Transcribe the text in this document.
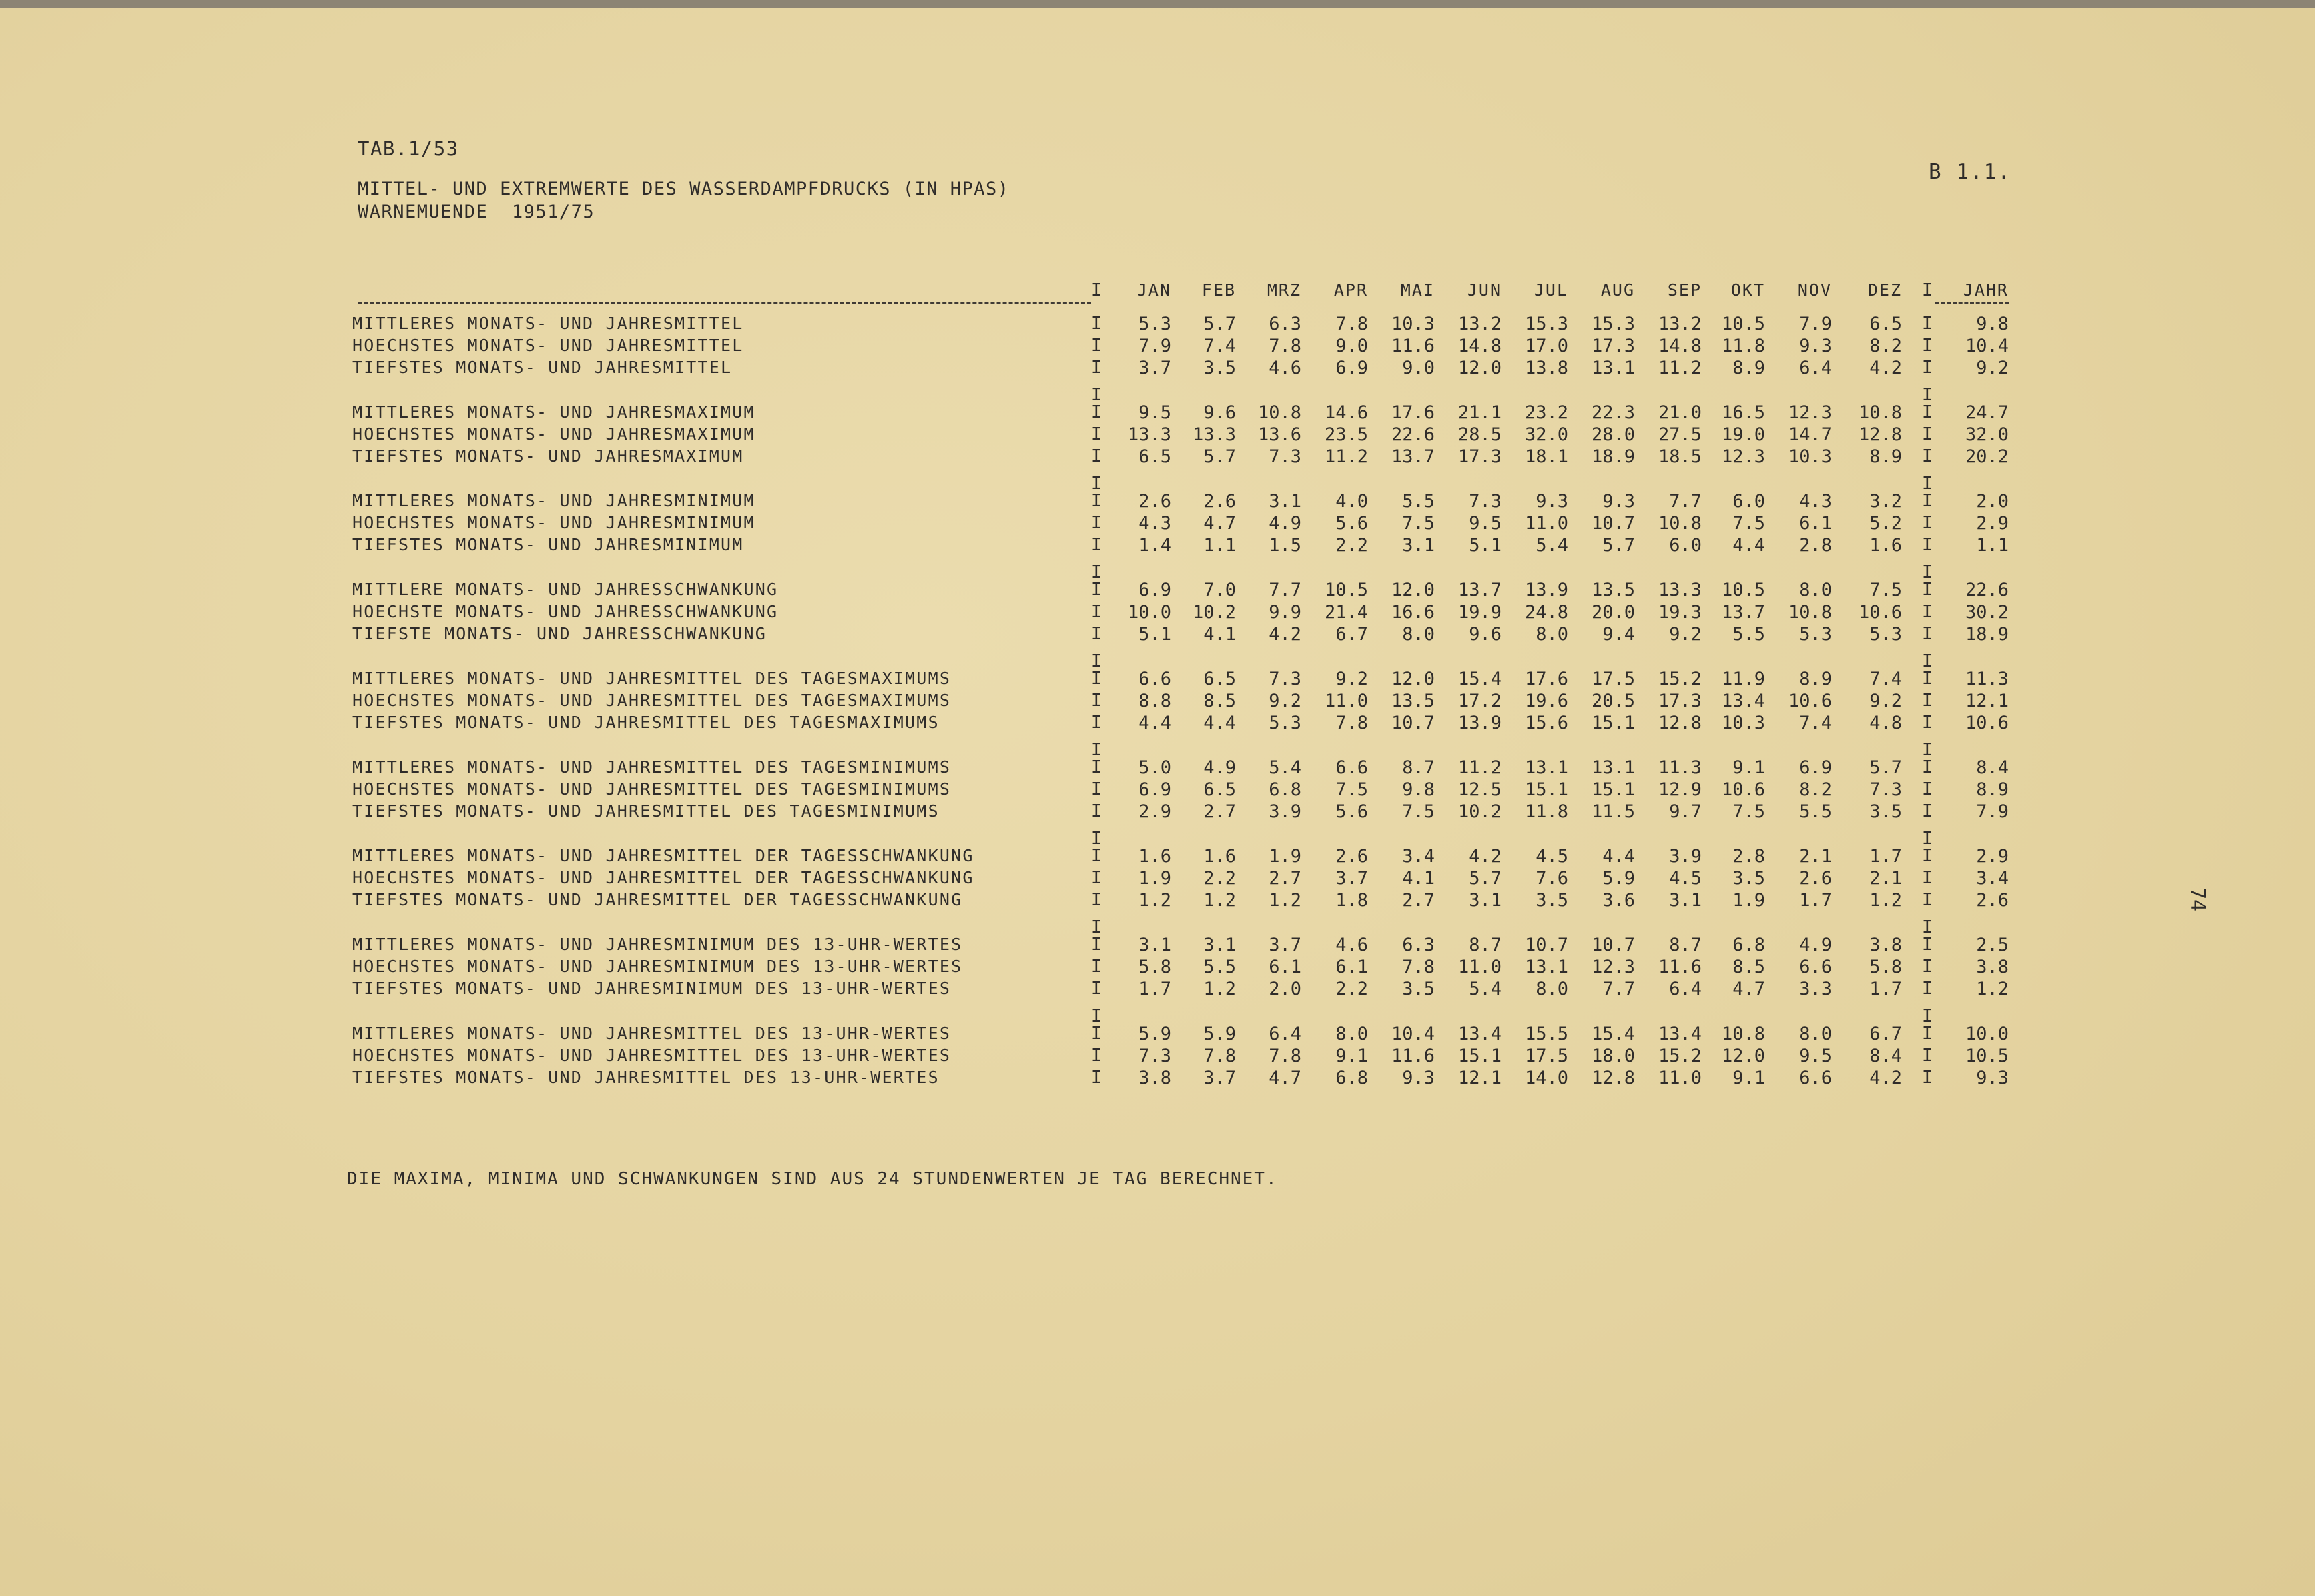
TAB.1/53
MITTEL- UND EXTREMWERTE DES WASSERDAMPFDRUCKS (IN HPAS)
WARNEMUENDE  1951/75
B 1.1.
74
I	JAN	FEB	MRZ	APR	MAI	JUN	JUL	AUG	SEP	OKT	NOV	DEZ I	JAHR
MITTLERES MONATS- UND JAHRESMITTEL	I	5.3	5.7	6.3	7.8	10.3	13.2	15.3	15.3	13.2	10.5	7.9	6.5 I	9.8
HOECHSTES MONATS- UND JAHRESMITTEL	I	7.9	7.4	7.8	9.0	11.6	14.8	17.0	17.3	14.8	11.8	9.3	8.2 I	10.4
TIEFSTES MONATS- UND JAHRESMITTEL	I	3.7	3.5	4.6	6.9	9.0	12.0	13.8	13.1	11.2	8.9	6.4	4.2 I	9.2
MITTLERES MONATS- UND JAHRESMAXIMUM	I	9.5	9.6	10.8	14.6	17.6	21.1	23.2	22.3	21.0	16.5	12.3	10.8 I	24.7
HOECHSTES MONATS- UND JAHRESMAXIMUM	I	13.3	13.3	13.6	23.5	22.6	28.5	32.0	28.0	27.5	19.0	14.7	12.8 I	32.0
TIEFSTES MONATS- UND JAHRESMAXIMUM	I	6.5	5.7	7.3	11.2	13.7	17.3	18.1	18.9	18.5	12.3	10.3	8.9 I	20.2
MITTLERES MONATS- UND JAHRESMINIMUM	I	2.6	2.6	3.1	4.0	5.5	7.3	9.3	9.3	7.7	6.0	4.3	3.2 I	2.0
HOECHSTES MONATS- UND JAHRESMINIMUM	I	4.3	4.7	4.9	5.6	7.5	9.5	11.0	10.7	10.8	7.5	6.1	5.2 I	2.9
TIEFSTES MONATS- UND JAHRESMINIMUM	I	1.4	1.1	1.5	2.2	3.1	5.1	5.4	5.7	6.0	4.4	2.8	1.6 I	1.1
MITTLERE MONATS- UND JAHRESSCHWANKUNG	I	6.9	7.0	7.7	10.5	12.0	13.7	13.9	13.5	13.3	10.5	8.0	7.5 I	22.6
HOECHSTE MONATS- UND JAHRESSCHWANKUNG	I	10.0	10.2	9.9	21.4	16.6	19.9	24.8	20.0	19.3	13.7	10.8	10.6 I	30.2
TIEFSTE MONATS- UND JAHRESSCHWANKUNG	I	5.1	4.1	4.2	6.7	8.0	9.6	8.0	9.4	9.2	5.5	5.3	5.3 I	18.9
MITTLERES MONATS- UND JAHRESMITTEL DES TAGESMAXIMUMS	I	6.6	6.5	7.3	9.2	12.0	15.4	17.6	17.5	15.2	11.9	8.9	7.4 I	11.3
HOECHSTES MONATS- UND JAHRESMITTEL DES TAGESMAXIMUMS	I	8.8	8.5	9.2	11.0	13.5	17.2	19.6	20.5	17.3	13.4	10.6	9.2 I	12.1
TIEFSTES MONATS- UND JAHRESMITTEL DES TAGESMAXIMUMS	I	4.4	4.4	5.3	7.8	10.7	13.9	15.6	15.1	12.8	10.3	7.4	4.8 I	10.6
MITTLERES MONATS- UND JAHRESMITTEL DES TAGESMINIMUMS	I	5.0	4.9	5.4	6.6	8.7	11.2	13.1	13.1	11.3	9.1	6.9	5.7 I	8.4
HOECHSTES MONATS- UND JAHRESMITTEL DES TAGESMINIMUMS	I	6.9	6.5	6.8	7.5	9.8	12.5	15.1	15.1	12.9	10.6	8.2	7.3 I	8.9
TIEFSTES MONATS- UND JAHRESMITTEL DES TAGESMINIMUMS	I	2.9	2.7	3.9	5.6	7.5	10.2	11.8	11.5	9.7	7.5	5.5	3.5 I	7.9
MITTLERES MONATS- UND JAHRESMITTEL DER TAGESSCHWANKUNG	I	1.6	1.6	1.9	2.6	3.4	4.2	4.5	4.4	3.9	2.8	2.1	1.7 I	2.9
HOECHSTES MONATS- UND JAHRESMITTEL DER TAGESSCHWANKUNG	I	1.9	2.2	2.7	3.7	4.1	5.7	7.6	5.9	4.5	3.5	2.6	2.1 I	3.4
TIEFSTES MONATS- UND JAHRESMITTEL DER TAGESSCHWANKUNG	I	1.2	1.2	1.2	1.8	2.7	3.1	3.5	3.6	3.1	1.9	1.7	1.2 I	2.6
MITTLERES MONATS- UND JAHRESMINIMUM DES 13-UHR-WERTES	I	3.1	3.1	3.7	4.6	6.3	8.7	10.7	10.7	8.7	6.8	4.9	3.8 I	2.5
HOECHSTES MONATS- UND JAHRESMINIMUM DES 13-UHR-WERTES	I	5.8	5.5	6.1	6.1	7.8	11.0	13.1	12.3	11.6	8.5	6.6	5.8 I	3.8
TIEFSTES MONATS- UND JAHRESMINIMUM DES 13-UHR-WERTES	I	1.7	1.2	2.0	2.2	3.5	5.4	8.0	7.7	6.4	4.7	3.3	1.7 I	1.2
MITTLERES MONATS- UND JAHRESMITTEL DES 13-UHR-WERTES	I	5.9	5.9	6.4	8.0	10.4	13.4	15.5	15.4	13.4	10.8	8.0	6.7 I	10.0
HOECHSTES MONATS- UND JAHRESMITTEL DES 13-UHR-WERTES	I	7.3	7.8	7.8	9.1	11.6	15.1	17.5	18.0	15.2	12.0	9.5	8.4 I	10.5
TIEFSTES MONATS- UND JAHRESMITTEL DES 13-UHR-WERTES	I	3.8	3.7	4.7	6.8	9.3	12.1	14.0	12.8	11.0	9.1	6.6	4.2 I	9.3
I	I
I	I
I	I
I	I
I	I
I	I
I	I
I	I
DIE MAXIMA, MINIMA UND SCHWANKUNGEN SIND AUS 24 STUNDENWERTEN JE TAG BERECHNET.
